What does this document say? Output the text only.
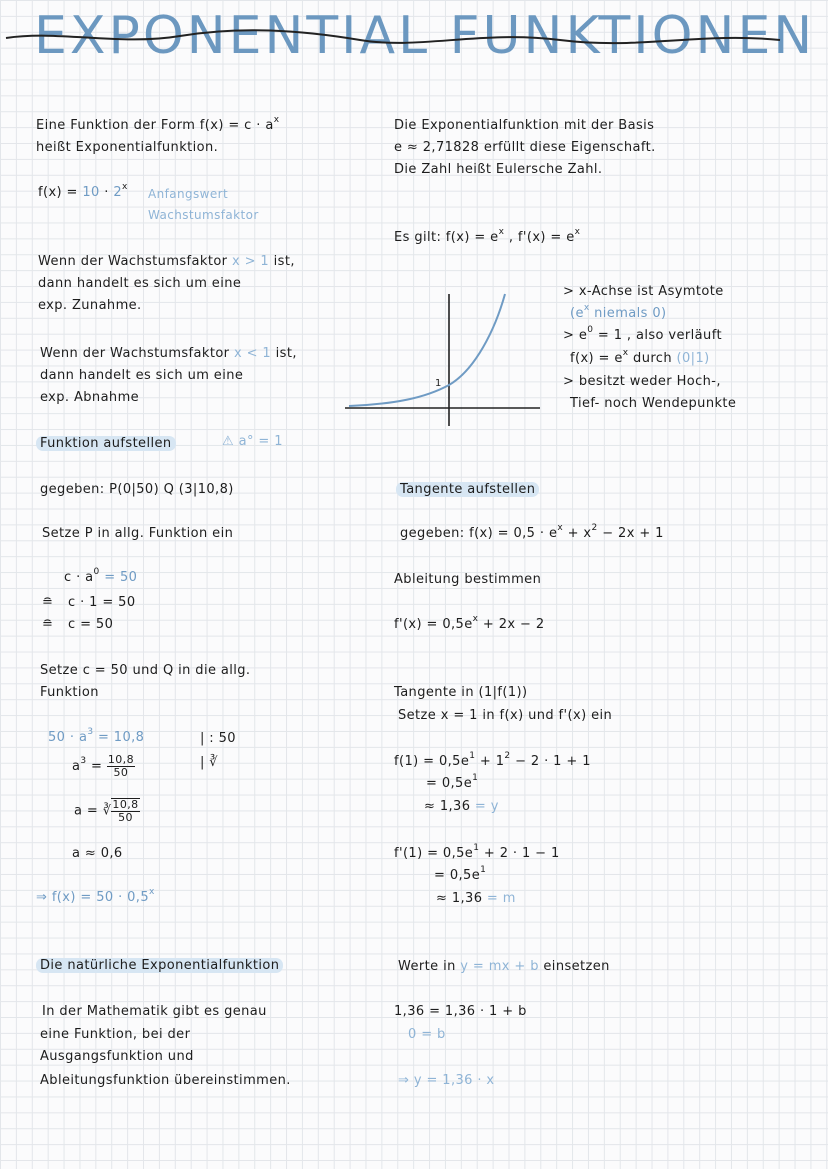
EXPONENTIAL FUNKTIONEN
Eine Funktion der Form $f(x) = c \cdot a^x$
heißt Exponentialfunktion.
$f(x) = 10 \cdot 2^x$ Anfangswert
Wachstumsfaktor
Wenn der Wachstumsfaktor x > 1 ist,
dann handelt es sich um eine
exp. Zunahme.
Wenn der Wachstumsfaktor x < 1 ist,
dann handelt es sich um eine
exp. Abnahme
Funktion aufstellen	⚠ a° = 1
gegeben: P(0|50) Q (3|10,8)
Setze P in allg. Funktion ein
$c \cdot a^0 = 50$
≘ c · 1 = 50
≘ c = 50
Setze c = 50 und Q in die allg.
Funktion
$50 \cdot a^3 = 10,8$	| : 50
$a^3 = \frac{10,8}{50}$	| ∛
a = ∛ $\frac{10,8}{50}$
a ≈ 0,6
⇒ $f(x) = 50 \cdot 0,5^x$
Die natürliche Exponentialfunktion
In der Mathematik gibt es genau
eine Funktion, bei der
Ausgangsfunktion und
Ableitungsfunktion übereinstimmen.
Die Exponentialfunktion mit der Basis
e ≈ 2,71828 erfüllt diese Eigenschaft.
Die Zahl heißt Eulersche Zahl.
Es gilt: $f(x) = e^x$ , $f'(x) = e^x$
1
> x-Achse ist Asymtote
($e^x$ niemals 0)
> $e^0 = 1$ , also verläuft
$f(x) = e^x$ durch (0|1)
> besitzt weder Hoch-,
Tief- noch Wendepunkte
Tangente aufstellen
gegeben: $f(x) = 0,5 \cdot e^x + x^2 - 2x + 1$
Ableitung bestimmen
$f'(x) = 0,5e^x + 2x - 2$
Tangente in (1|f(1))
Setze x = 1 in f(x) und f'(x) ein
$f(1) = 0,5e^1 + 1^2 - 2 \cdot 1 + 1$
= $0,5e^1$
≈ 1,36 = y
$f'(1) = 0,5e^1 + 2 \cdot 1 - 1$
= $0,5e^1$
≈ 1,36 = m
Werte in y = mx + b einsetzen
1,36 = 1,36 · 1 + b
0 = b
⇒ y = 1,36 · x
